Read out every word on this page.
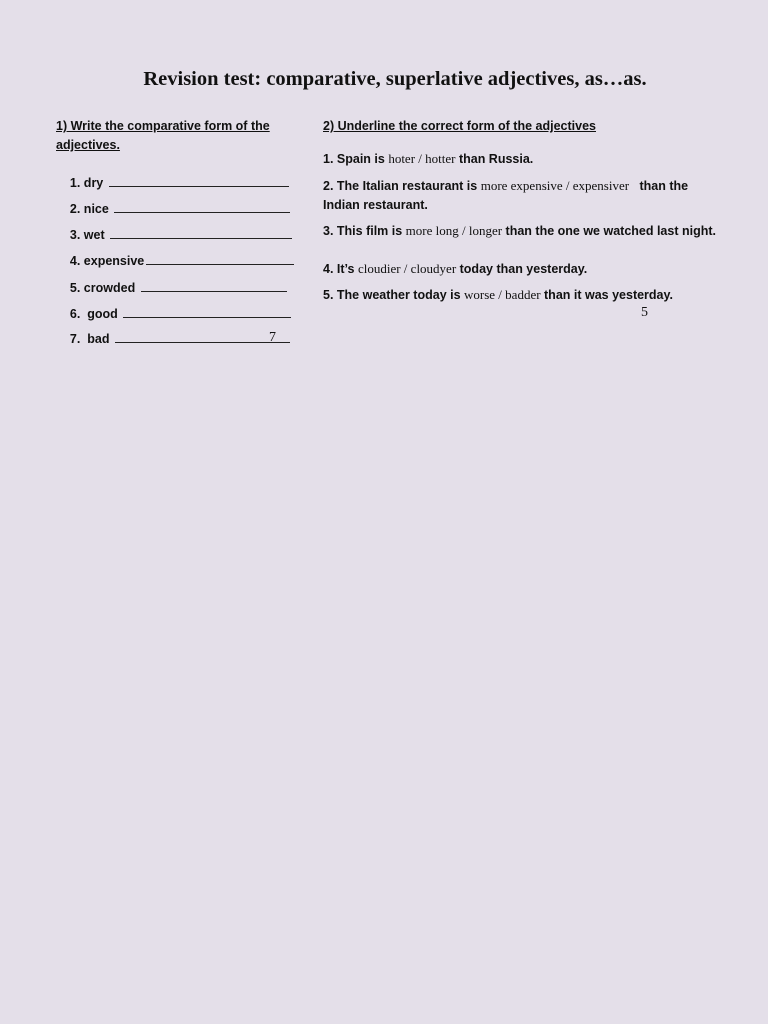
Revision test: comparative, superlative adjectives, as…as.
1) Write the comparative form of the
adjectives.

1. dry

2. nice

3. wet

4. expensive

5. crowded

6.  good

7.  bad
	7
2) Underline the correct form of the adjectives
1. Spain is hoter / hotter than Russia.
2. The Italian restaurant is more expensive / expensiver   than the Indian restaurant.
3. This film is more long / longer than the one we watched last night.
4. It’s cloudier / cloudyer today than yesterday.
5. The weather today is worse / badder than it was yesterday.
5
